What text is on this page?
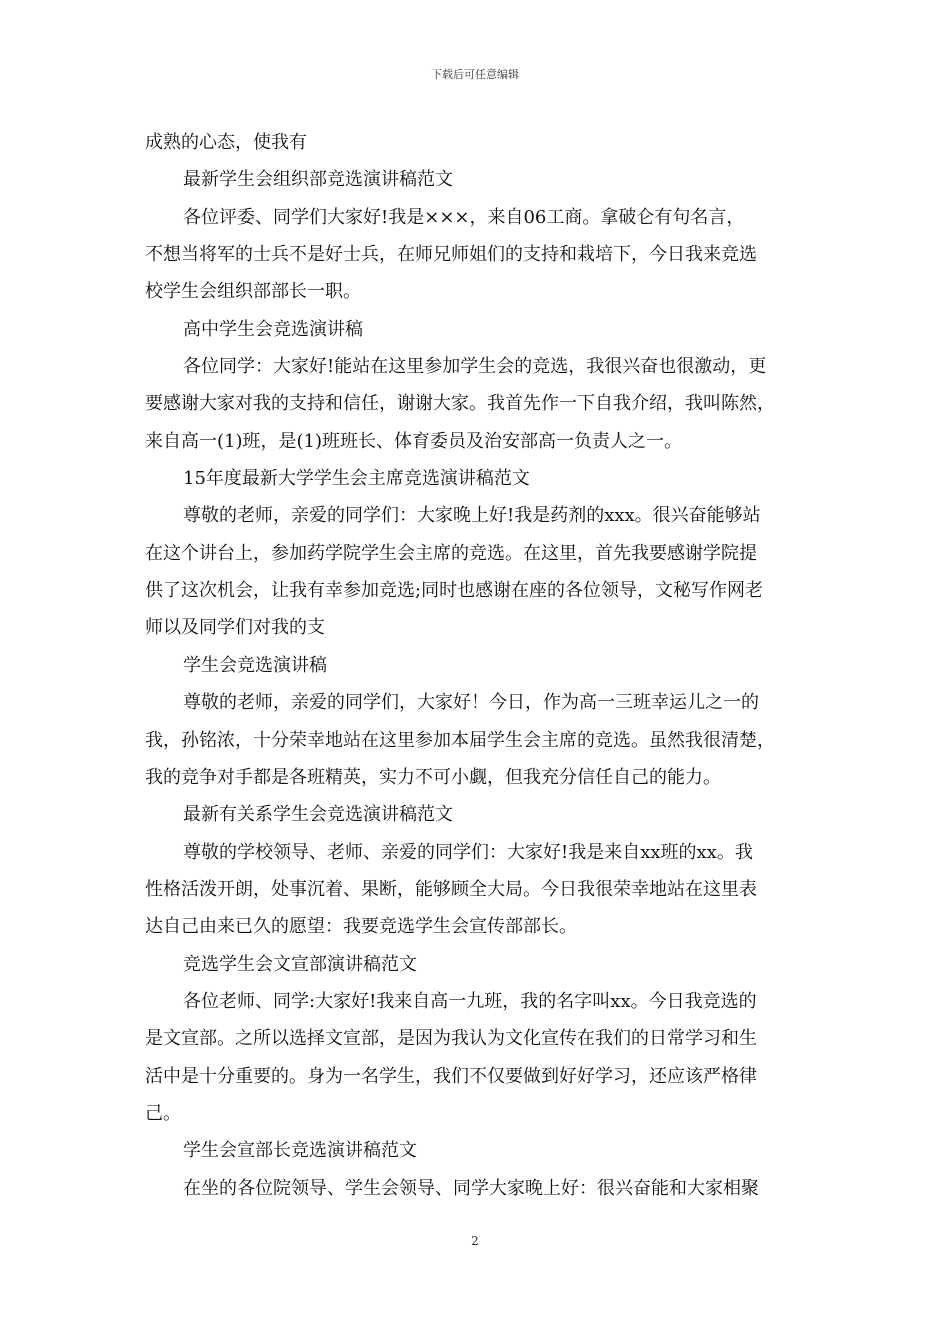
下载后可任意编辑
成熟的心态，使我有
最新学生会组织部竞选演讲稿范文
各位评委、同学们大家好!我是×××，来自06工商。拿破仑有句名言，
不想当将军的士兵不是好士兵，在师兄师姐们的支持和栽培下，今日我来竞选
校学生会组织部部长一职。
高中学生会竞选演讲稿
各位同学：大家好!能站在这里参加学生会的竞选，我很兴奋也很激动，更
要感谢大家对我的支持和信任，谢谢大家。我首先作一下自我介绍，我叫陈然，
来自高一(1)班，是(1)班班长、体育委员及治安部高一负责人之一。
15年度最新大学学生会主席竞选演讲稿范文
尊敬的老师，亲爱的同学们：大家晚上好!我是药剂的xxx。很兴奋能够站
在这个讲台上，参加药学院学生会主席的竞选。在这里，首先我要感谢学院提
供了这次机会，让我有幸参加竞选;同时也感谢在座的各位领导，文秘写作网老
师以及同学们对我的支
学生会竞选演讲稿
尊敬的老师，亲爱的同学们，大家好！今日，作为高一三班幸运儿之一的
我，孙铭浓，十分荣幸地站在这里参加本届学生会主席的竞选。虽然我很清楚，
我的竞争对手都是各班精英，实力不可小觑，但我充分信任自己的能力。
最新有关系学生会竞选演讲稿范文
尊敬的学校领导、老师、亲爱的同学们：大家好!我是来自xx班的xx。我
性格活泼开朗，处事沉着、果断，能够顾全大局。今日我很荣幸地站在这里表
达自己由来已久的愿望：我要竞选学生会宣传部部长。
竞选学生会文宣部演讲稿范文
各位老师、同学:大家好!我来自高一九班，我的名字叫xx。今日我竞选的
是文宣部。之所以选择文宣部，是因为我认为文化宣传在我们的日常学习和生
活中是十分重要的。身为一名学生，我们不仅要做到好好学习，还应该严格律
己。
学生会宣部长竞选演讲稿范文
在坐的各位院领导、学生会领导、同学大家晚上好：很兴奋能和大家相聚
2
